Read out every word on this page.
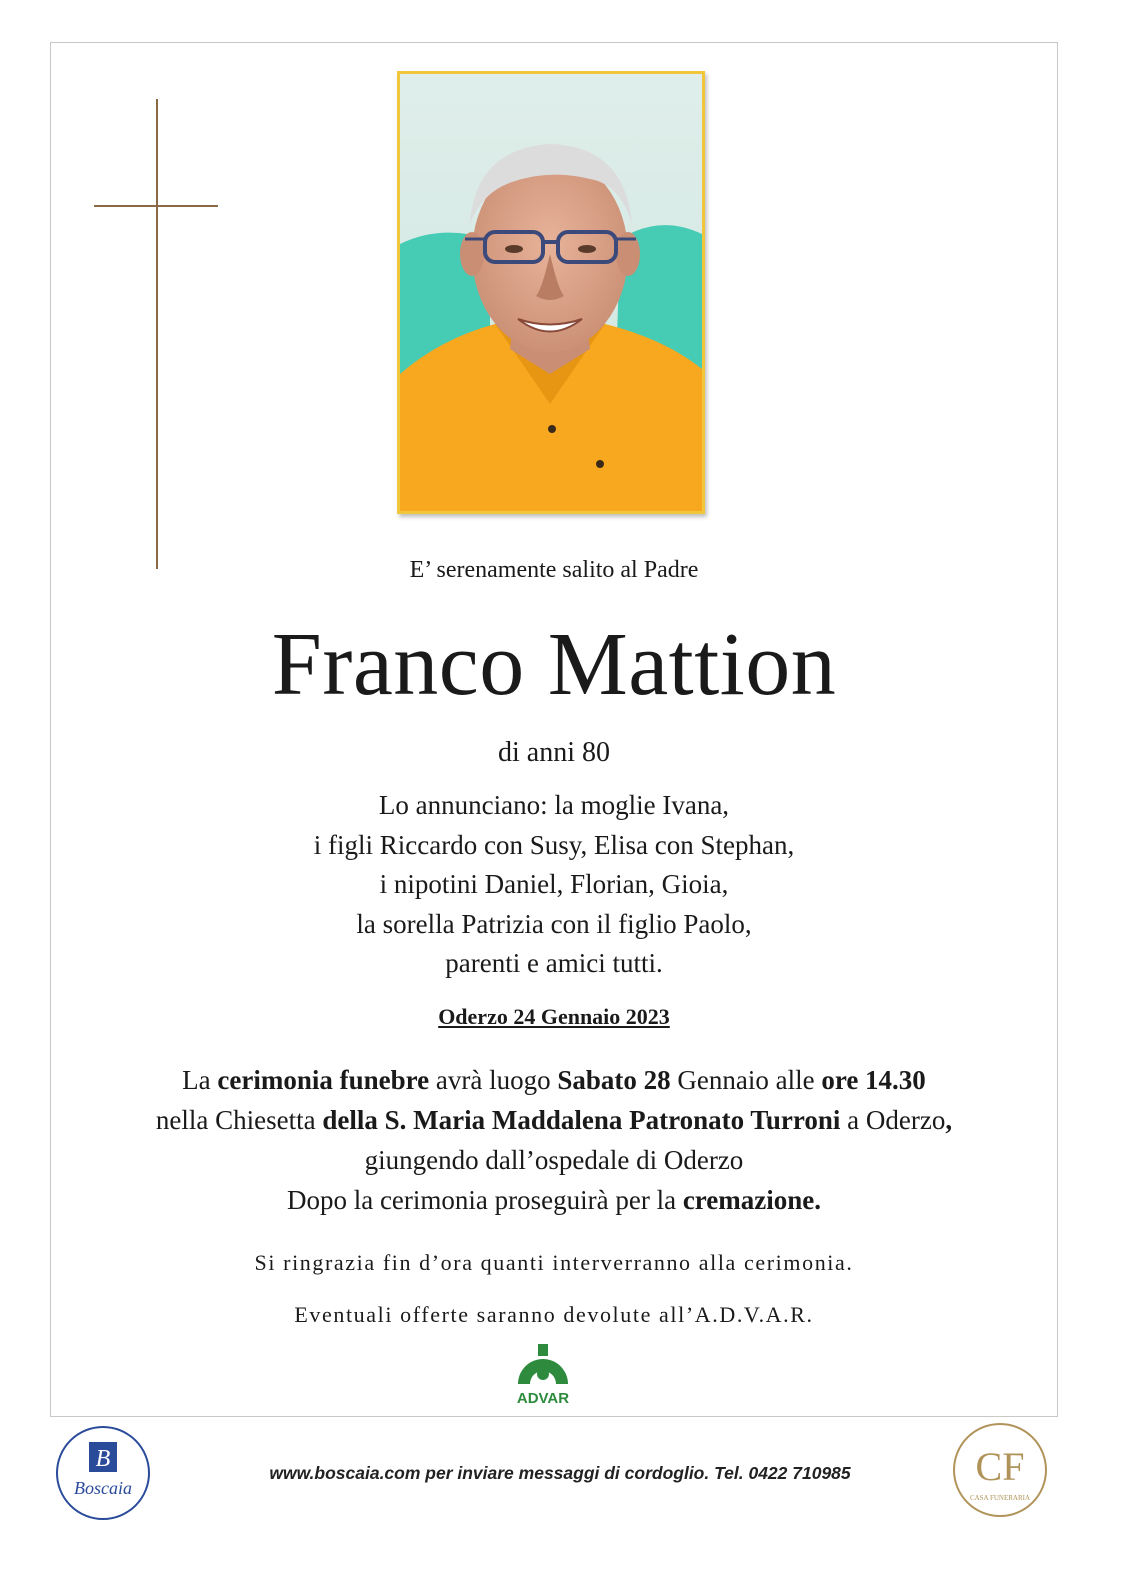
E’ serenamente salito al Padre
Franco Mattion
di anni 80
Lo annunciano: la moglie Ivana,
i figli Riccardo con Susy, Elisa con Stephan,
i nipotini Daniel, Florian, Gioia,
la sorella Patrizia con il figlio Paolo,
parenti e amici tutti.
Oderzo 24 Gennaio 2023
La cerimonia funebre avrà luogo Sabato 28 Gennaio alle ore 14.30
nella Chiesetta della S. Maria Maddalena Patronato Turroni a Oderzo,
giungendo dall’ospedale di Oderzo
Dopo la cerimonia proseguirà per la cremazione.
Si ringrazia fin d’ora quanti interverranno alla cerimonia.
Eventuali offerte saranno devolute all’A.D.V.A.R.
ADVAR
B
Boscaia
www.boscaia.com per inviare messaggi di cordoglio. Tel. 0422 710985	CF
CASA FUNERARIA
